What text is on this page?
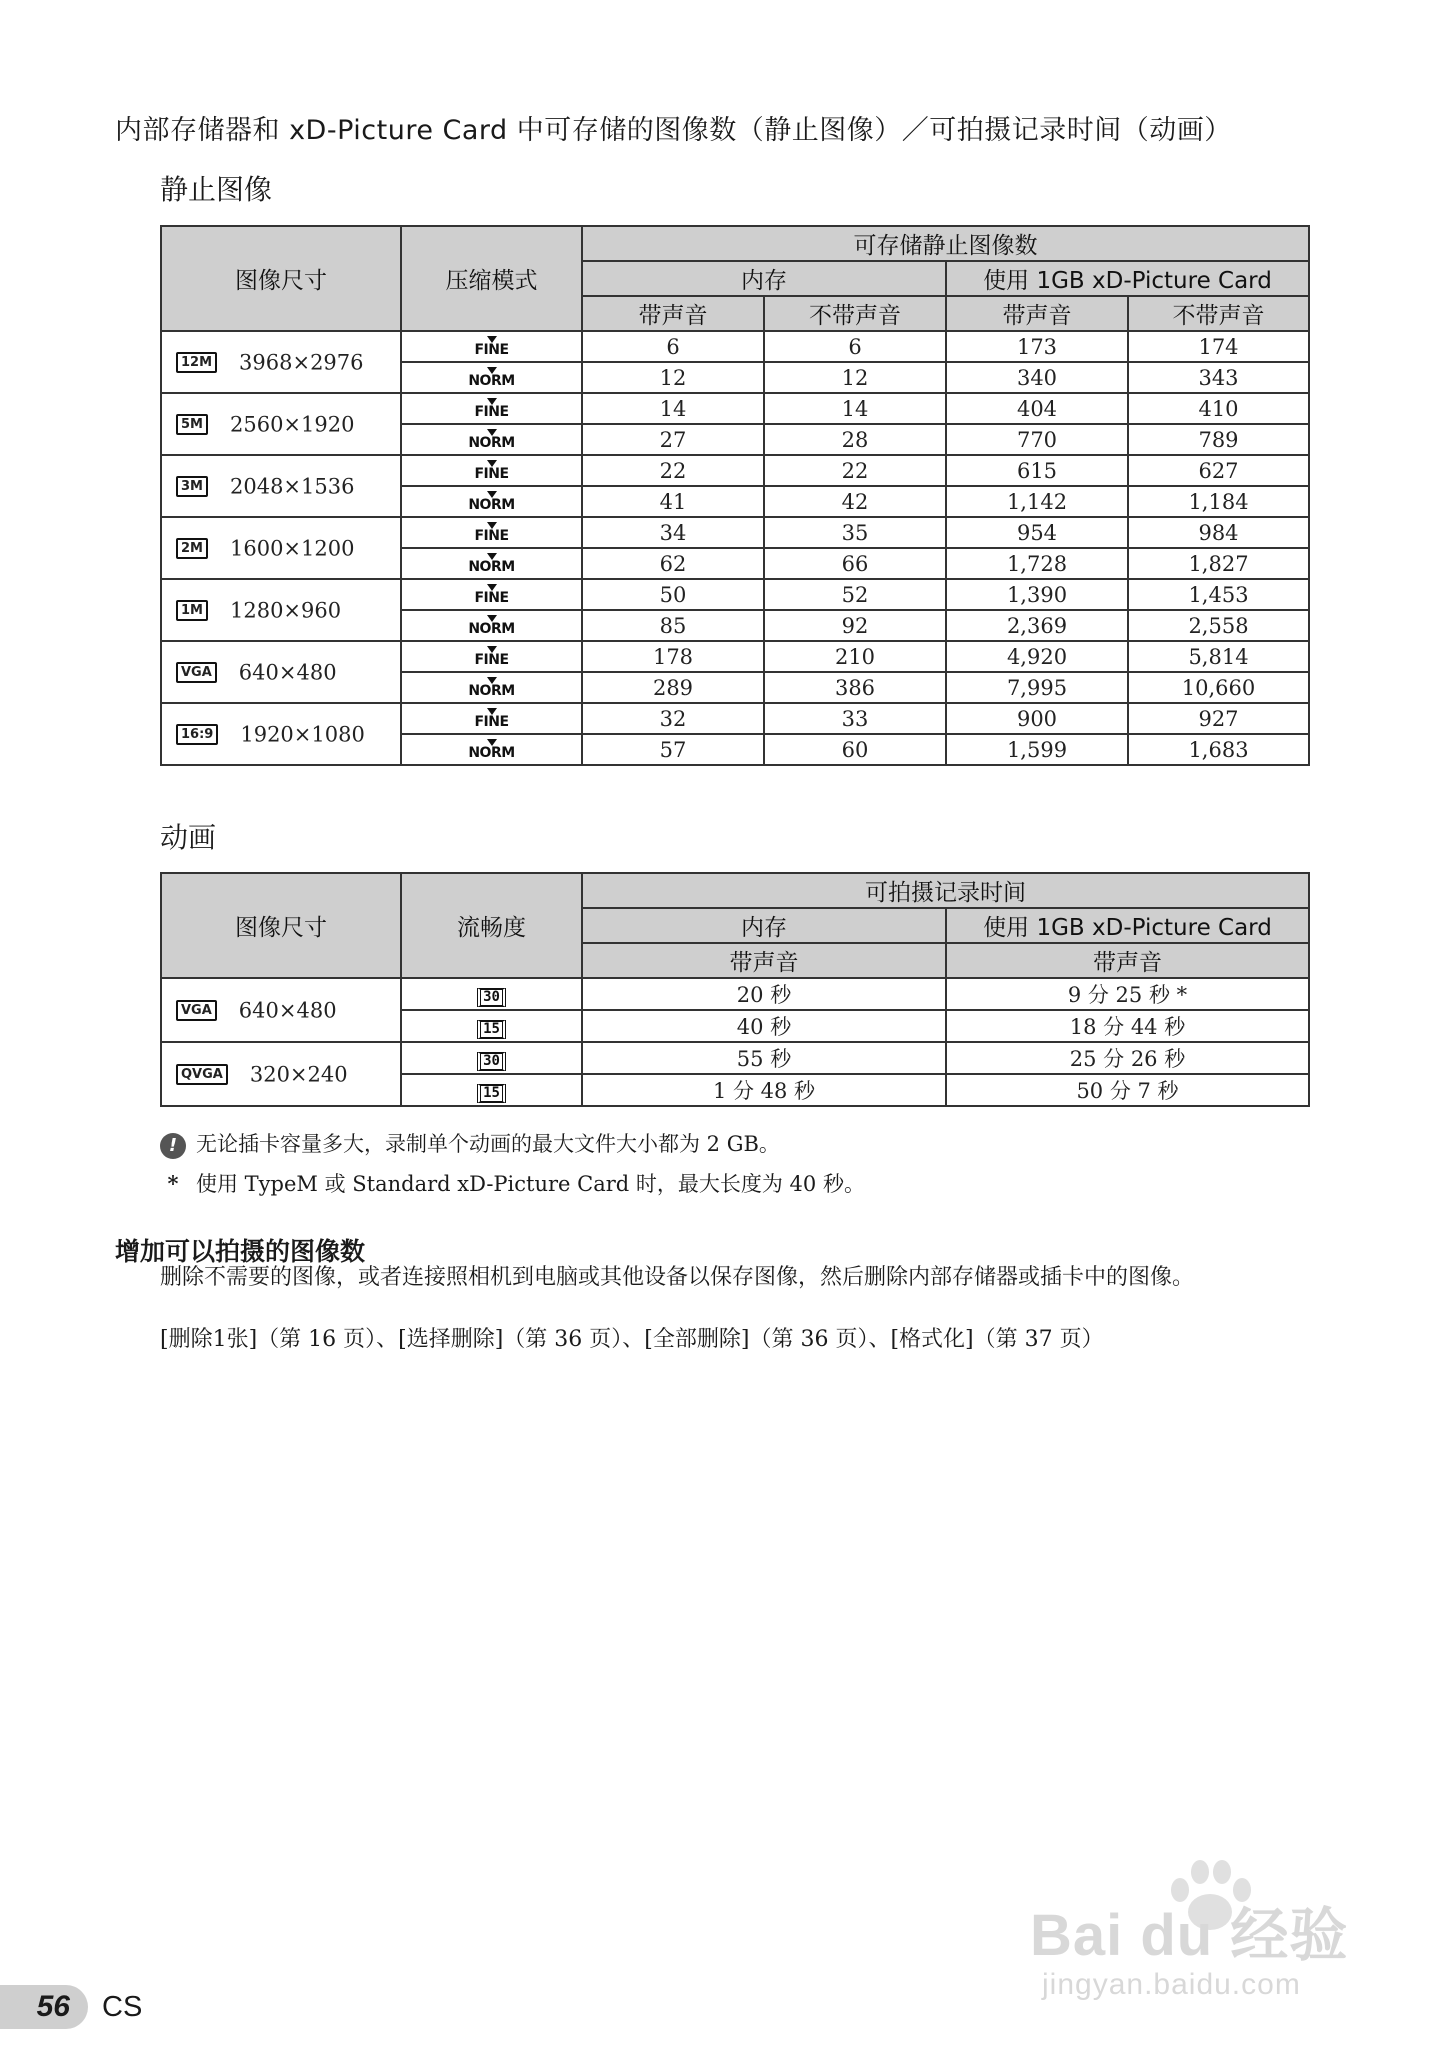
内部存储器和 xD-Picture Card 中可存储的图像数（静止图像）／可拍摄记录时间（动画）
静止图像
图像尺寸	压缩模式	可存储静止图像数			
		内存		使用 1GB xD-Picture Card	
		带声音	不带声音	带声音	不带声音
12M 3968×2976	FINE	6	6	173	174

NORM	12	12	340	343
5M 2560×1920	FINE	14	14	404	410

NORM	27	28	770	789
3M 2048×1536	FINE	22	22	615	627

NORM	41	42	1,142	1,184
2M 1600×1200	FINE	34	35	954	984

NORM	62	66	1,728	1,827
1M 1280×960	FINE	50	52	1,390	1,453

NORM	85	92	2,369	2,558
VGA 640×480	FINE	178	210	4,920	5,814

NORM	289	386	7,995	10,660
16:9 1920×1080	FINE	32	33	900	927

NORM	57	60	1,599	1,683
动画
图像尺寸	流畅度	可拍摄记录时间	
		内存	使用 1GB xD-Picture Card
		带声音	带声音
VGA 640×480	30	20 秒	9 分 25 秒 *
	15	40 秒	18 分 44 秒
QVGA 320×240	30	55 秒	25 分 26 秒
	15	1 分 48 秒	50 分 7 秒
! 无论插卡容量多大，录制单个动画的最大文件大小都为 2 GB。
* 使用 TypeM 或 Standard xD-Picture Card 时，最大长度为 40 秒。
增加可以拍摄的图像数
删除不需要的图像，或者连接照相机到电脑或其他设备以保存图像，然后删除内部存储器或插卡中的图像。
[删除1张]（第 16 页）、[选择删除]（第 36 页）、[全部删除]（第 36 页）、[格式化]（第 37 页）
56	CS
Bai du 经验
jingyan.baidu.com
